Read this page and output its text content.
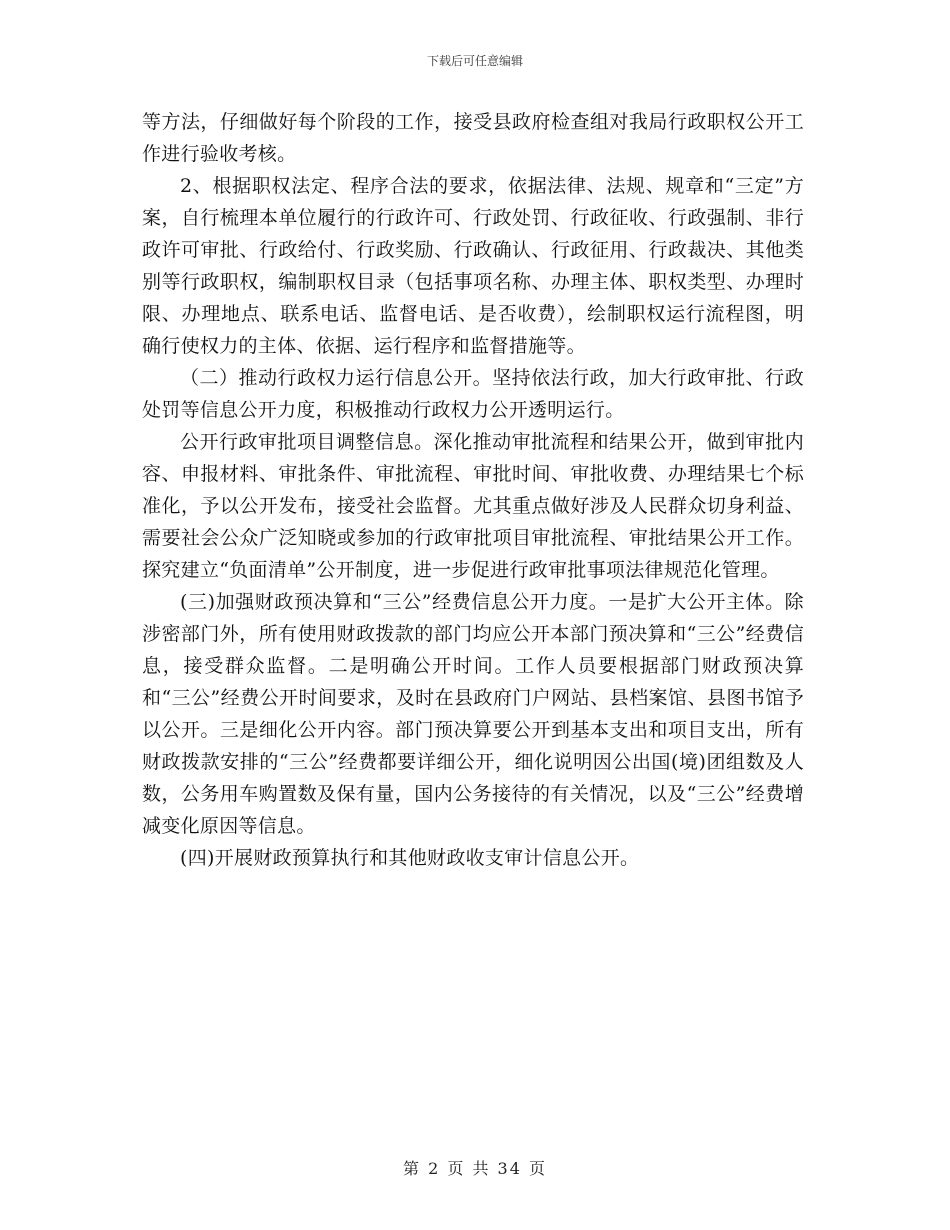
下载后可任意编辑

等方法，仔细做好每个阶段的工作，接受县政府检查组对我局行政职权公开工作进行验收考核。

2、根据职权法定、程序合法的要求，依据法律、法规、规章和“三定”方案，自行梳理本单位履行的行政许可、行政处罚、行政征收、行政强制、非行政许可审批、行政给付、行政奖励、行政确认、行政征用、行政裁决、其他类别等行政职权，编制职权目录（包括事项名称、办理主体、职权类型、办理时限、办理地点、联系电话、监督电话、是否收费），绘制职权运行流程图，明确行使权力的主体、依据、运行程序和监督措施等。

（二）推动行政权力运行信息公开。坚持依法行政，加大行政审批、行政处罚等信息公开力度，积极推动行政权力公开透明运行。

公开行政审批项目调整信息。深化推动审批流程和结果公开，做到审批内容、申报材料、审批条件、审批流程、审批时间、审批收费、办理结果七个标准化，予以公开发布，接受社会监督。尤其重点做好涉及人民群众切身利益、需要社会公众广泛知晓或参加的行政审批项目审批流程、审批结果公开工作。探究建立“负面清单”公开制度，进一步促进行政审批事项法律规范化管理。

(三)加强财政预决算和“三公”经费信息公开力度。一是扩大公开主体。除涉密部门外，所有使用财政拨款的部门均应公开本部门预决算和“三公”经费信息，接受群众监督。二是明确公开时间。工作人员要根据部门财政预决算和“三公”经费公开时间要求，及时在县政府门户网站、县档案馆、县图书馆予以公开。三是细化公开内容。部门预决算要公开到基本支出和项目支出，所有财政拨款安排的“三公”经费都要详细公开，细化说明因公出国(境)团组数及人数，公务用车购置数及保有量，国内公务接待的有关情况，以及“三公”经费增减变化原因等信息。

(四)开展财政预算执行和其他财政收支审计信息公开。

第 2 页 共 34 页
